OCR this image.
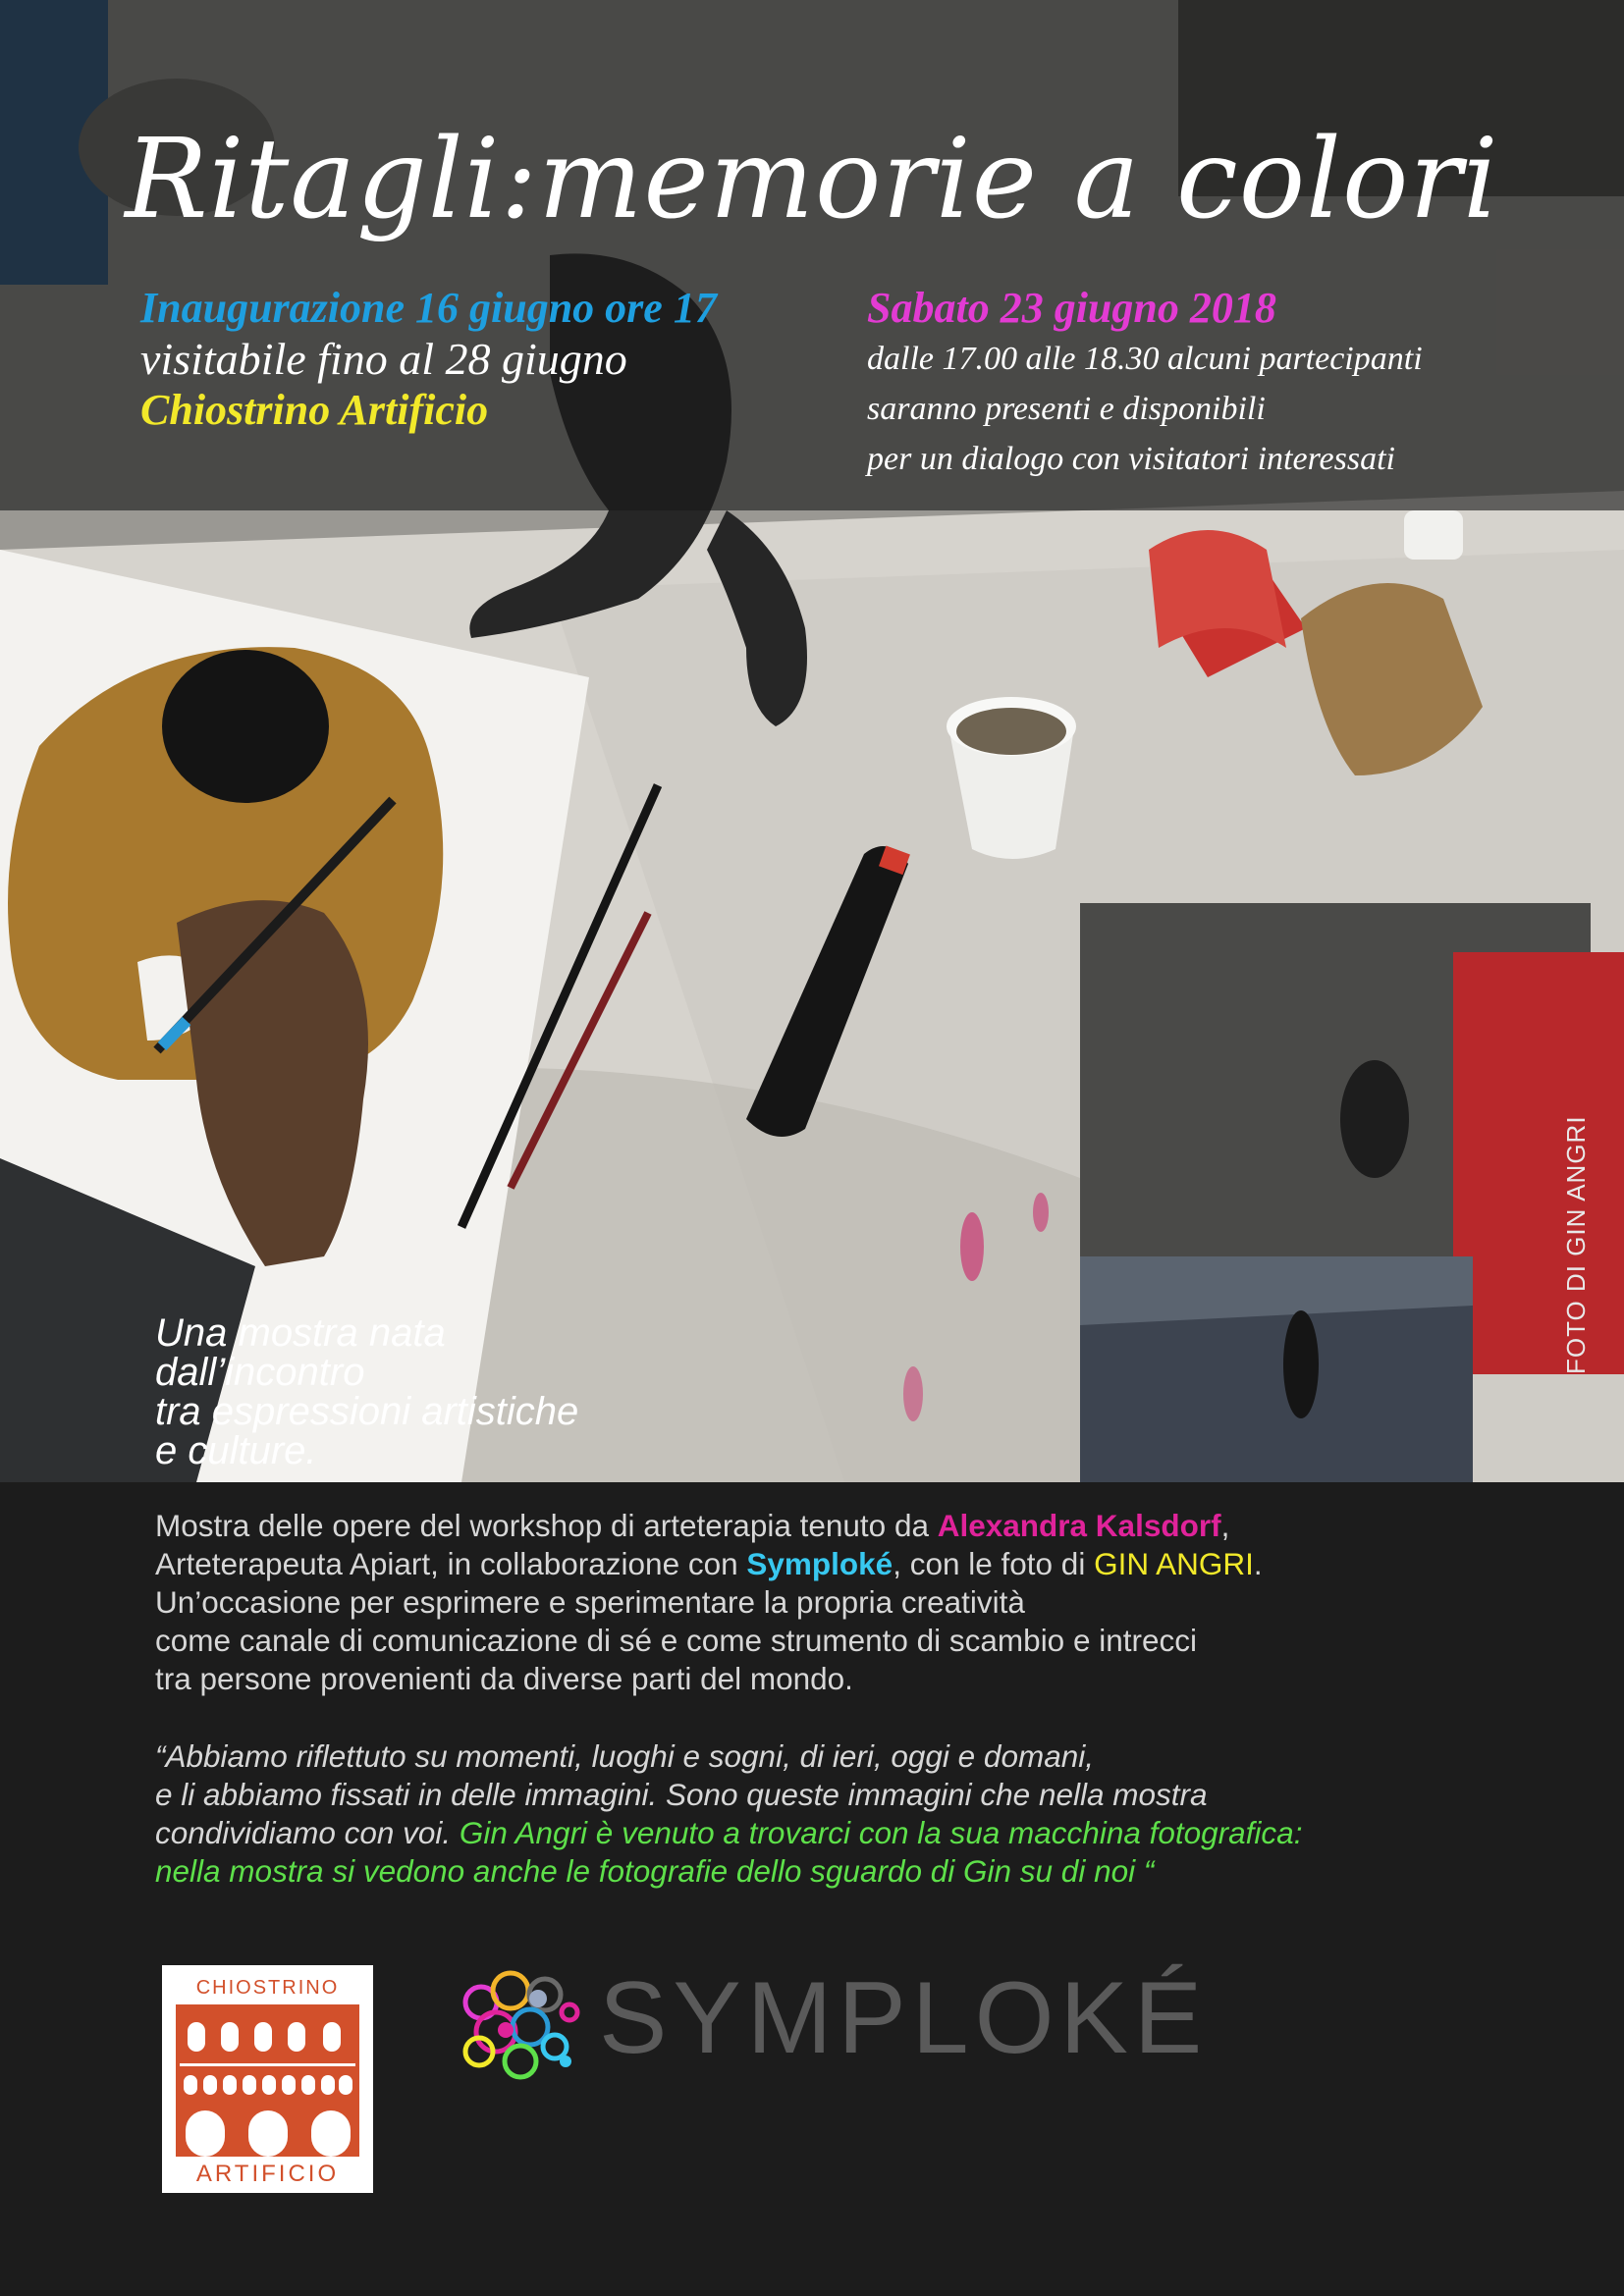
Ritagli:memorie a colori
Inaugurazione 16 giugno ore 17
visitabile fino al 28 giugno
Chiostrino Artificio
Sabato 23 giugno 2018
dalle 17.00 alle 18.30 alcuni partecipanti
saranno presenti e disponibili
per un dialogo con visitatori interessati
Una mostra nata
dall’incontro
tra espressioni artistiche
e culture.
FOTO DI GIN ANGRI
Mostra delle opere del workshop di arteterapia tenuto da Alexandra Kalsdorf,
Arteterapeuta Apiart, in collaborazione con Symploké, con le foto di GIN ANGRI.
Un’occasione per esprimere e sperimentare la propria creatività
come canale di comunicazione di sé e come strumento di scambio e intrecci
tra persone provenienti da diverse parti del mondo.
“Abbiamo riflettuto su momenti, luoghi e sogni, di ieri, oggi e domani,
e li abbiamo fissati in delle immagini. Sono queste immagini che nella mostra
condividiamo con voi. Gin Angri è venuto a trovarci con la sua macchina fotografica:
nella mostra si vedono anche le fotografie dello sguardo di Gin su di noi “
CHIOSTRINO
ARTIFICIO
SYMPLOKÉ
